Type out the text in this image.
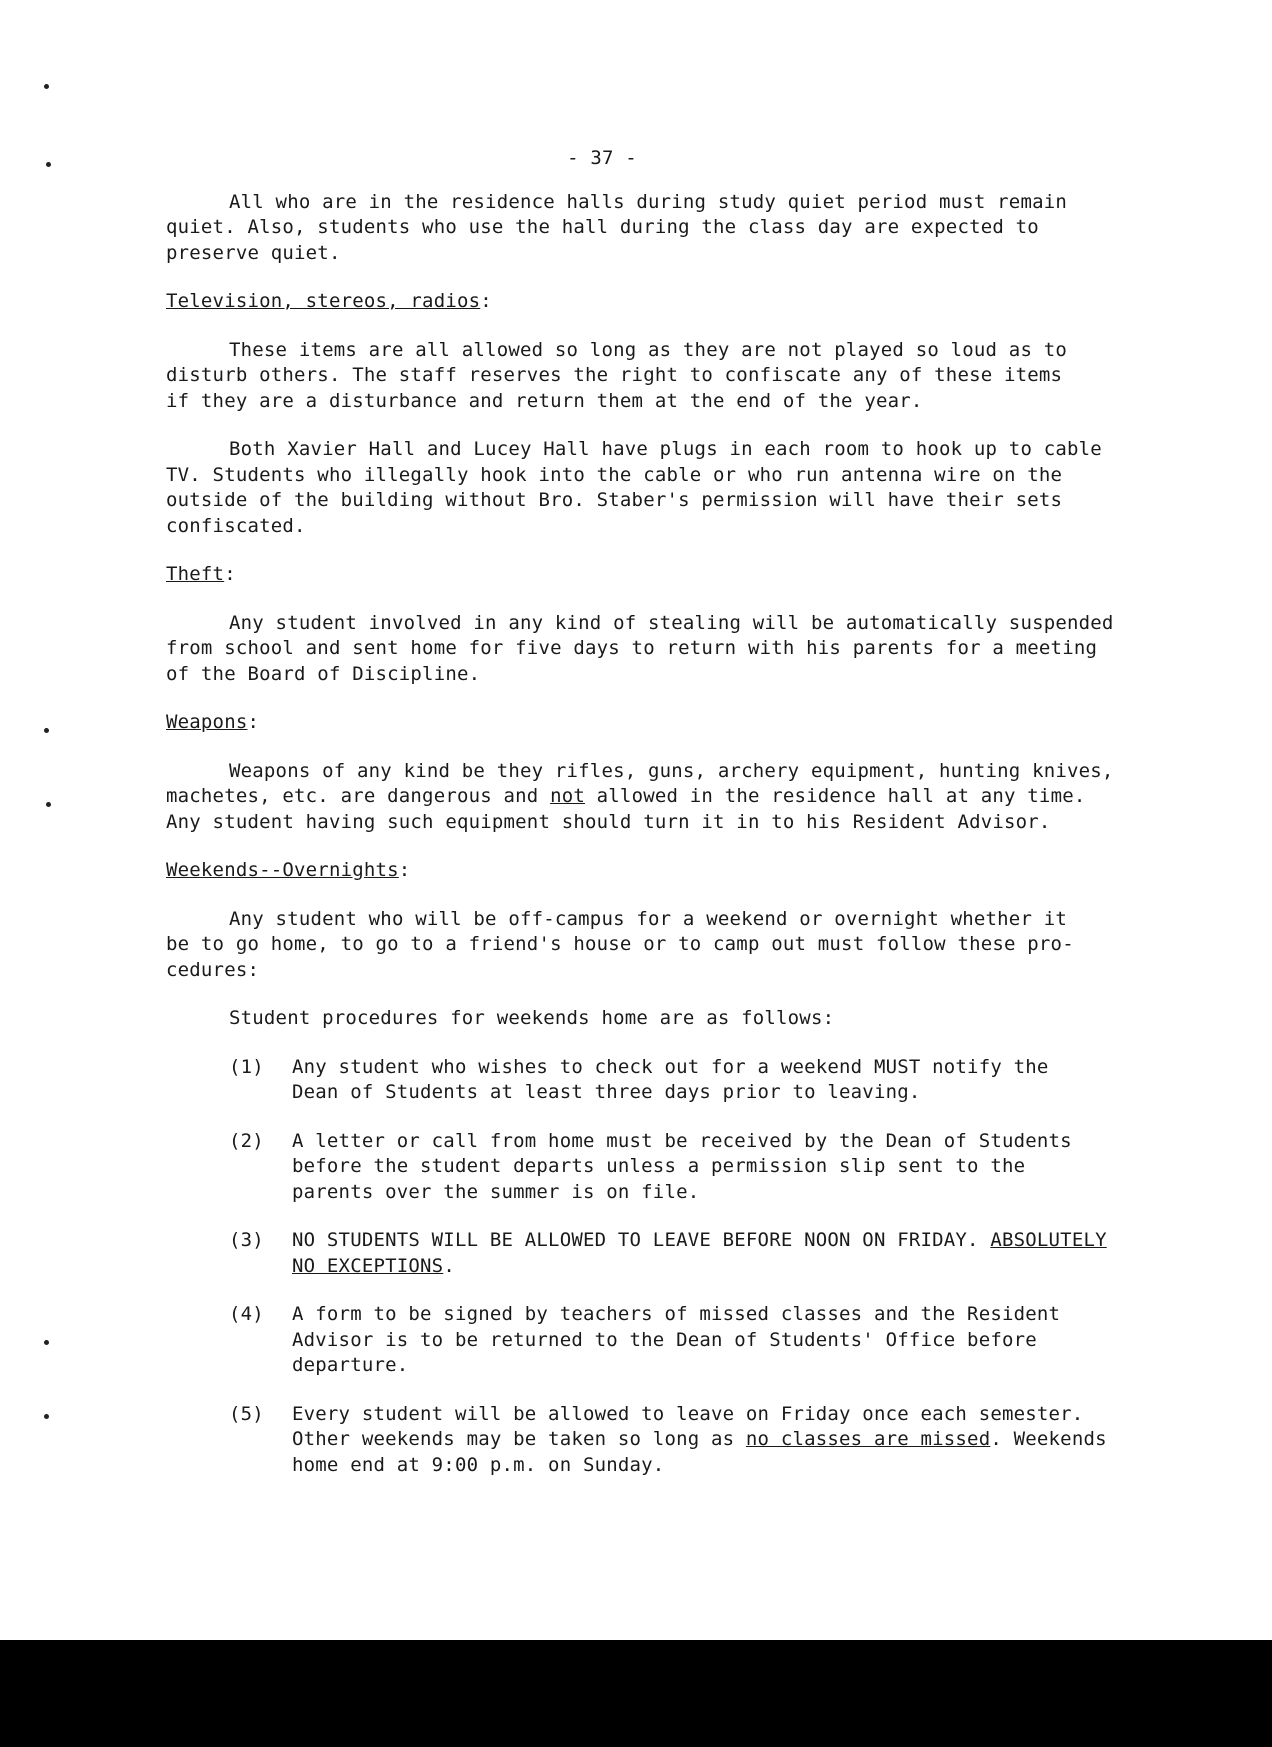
- 37 -

All who are in the residence halls during study quiet period must remain
quiet. Also, students who use the hall during the class day are expected to
preserve quiet.

Television, stereos, radios:

These items are all allowed so long as they are not played so loud as to
disturb others. The staff reserves the right to confiscate any of these items
if they are a disturbance and return them at the end of the year.

Both Xavier Hall and Lucey Hall have plugs in each room to hook up to cable
TV. Students who illegally hook into the cable or who run antenna wire on the
outside of the building without Bro. Staber's permission will have their sets
confiscated.

Theft:

Any student involved in any kind of stealing will be automatically suspended
from school and sent home for five days to return with his parents for a meeting
of the Board of Discipline.

Weapons:

Weapons of any kind be they rifles, guns, archery equipment, hunting knives,
machetes, etc. are dangerous and not allowed in the residence hall at any time.
Any student having such equipment should turn it in to his Resident Advisor.

Weekends--Overnights:

Any student who will be off-campus for a weekend or overnight whether it
be to go home, to go to a friend's house or to camp out must follow these pro-
cedures:

Student procedures for weekends home are as follows:

(1)	Any student who wishes to check out for a weekend MUST notify the
Dean of Students at least three days prior to leaving.
(2)	A letter or call from home must be received by the Dean of Students
before the student departs unless a permission slip sent to the
parents over the summer is on file.
(3)	NO STUDENTS WILL BE ALLOWED TO LEAVE BEFORE NOON ON FRIDAY. ABSOLUTELY
NO EXCEPTIONS.
(4)	A form to be signed by teachers of missed classes and the Resident
Advisor is to be returned to the Dean of Students' Office before
departure.
(5)	Every student will be allowed to leave on Friday once each semester.
Other weekends may be taken so long as no classes are missed. Weekends
home end at 9:00 p.m. on Sunday.
